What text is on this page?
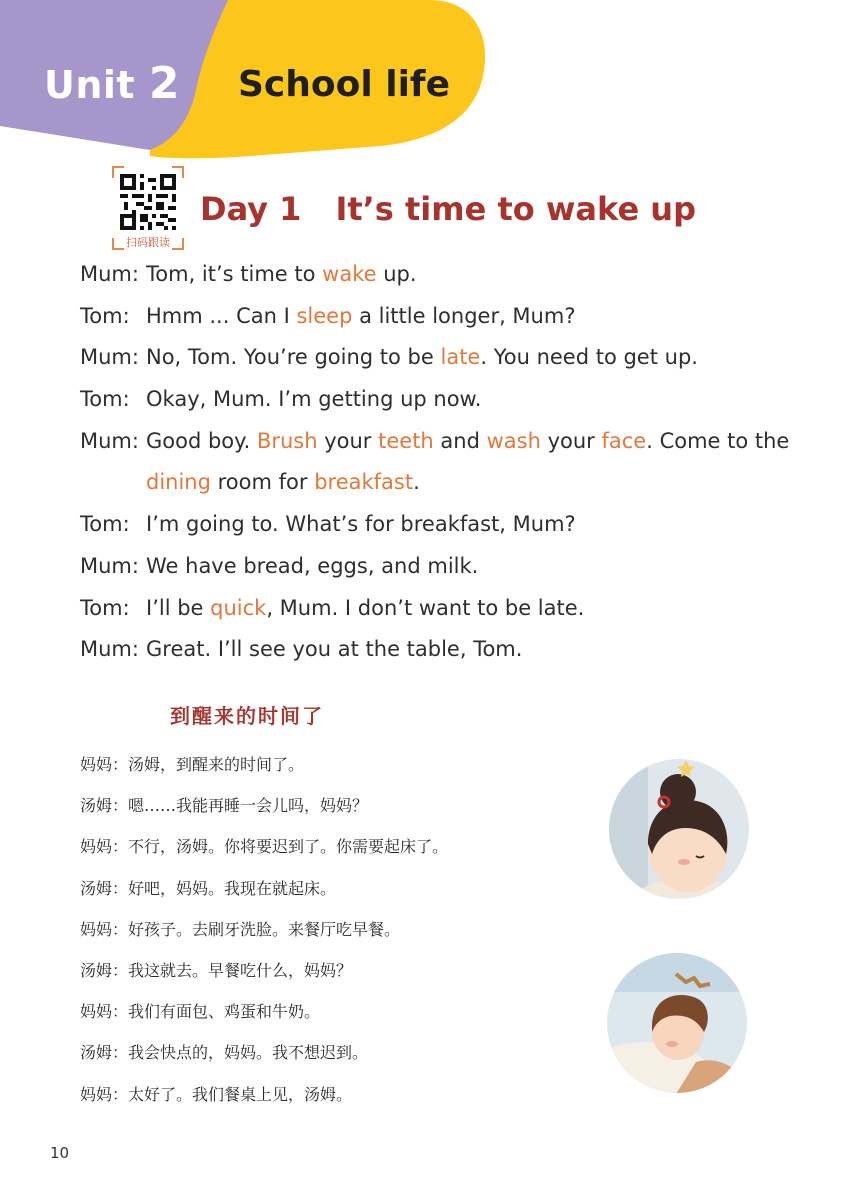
Unit 2 School life
扫码跟读
Day 1 It’s time to wake up
Mum: Tom, it’s time to wake up.
Tom: Hmm ... Can I sleep a little longer, Mum?
Mum: No, Tom. You’re going to be late. You need to get up.
Tom: Okay, Mum. I’m getting up now.
Mum: Good boy. Brush your teeth and wash your face. Come to the
dining room for breakfast.
Tom: I’m going to. What’s for breakfast, Mum?
Mum: We have bread, eggs, and milk.
Tom: I’ll be quick, Mum. I don’t want to be late.
Mum: Great. I’ll see you at the table, Tom.
到醒来的时间了
妈妈：汤姆，到醒来的时间了。
汤姆：嗯……我能再睡一会儿吗，妈妈？
妈妈：不行，汤姆。你将要迟到了。你需要起床了。
汤姆：好吧，妈妈。我现在就起床。
妈妈：好孩子。去刷牙洗脸。来餐厅吃早餐。
汤姆：我这就去。早餐吃什么，妈妈？
妈妈：我们有面包、鸡蛋和牛奶。
汤姆：我会快点的，妈妈。我不想迟到。
妈妈：太好了。我们餐桌上见，汤姆。
10
